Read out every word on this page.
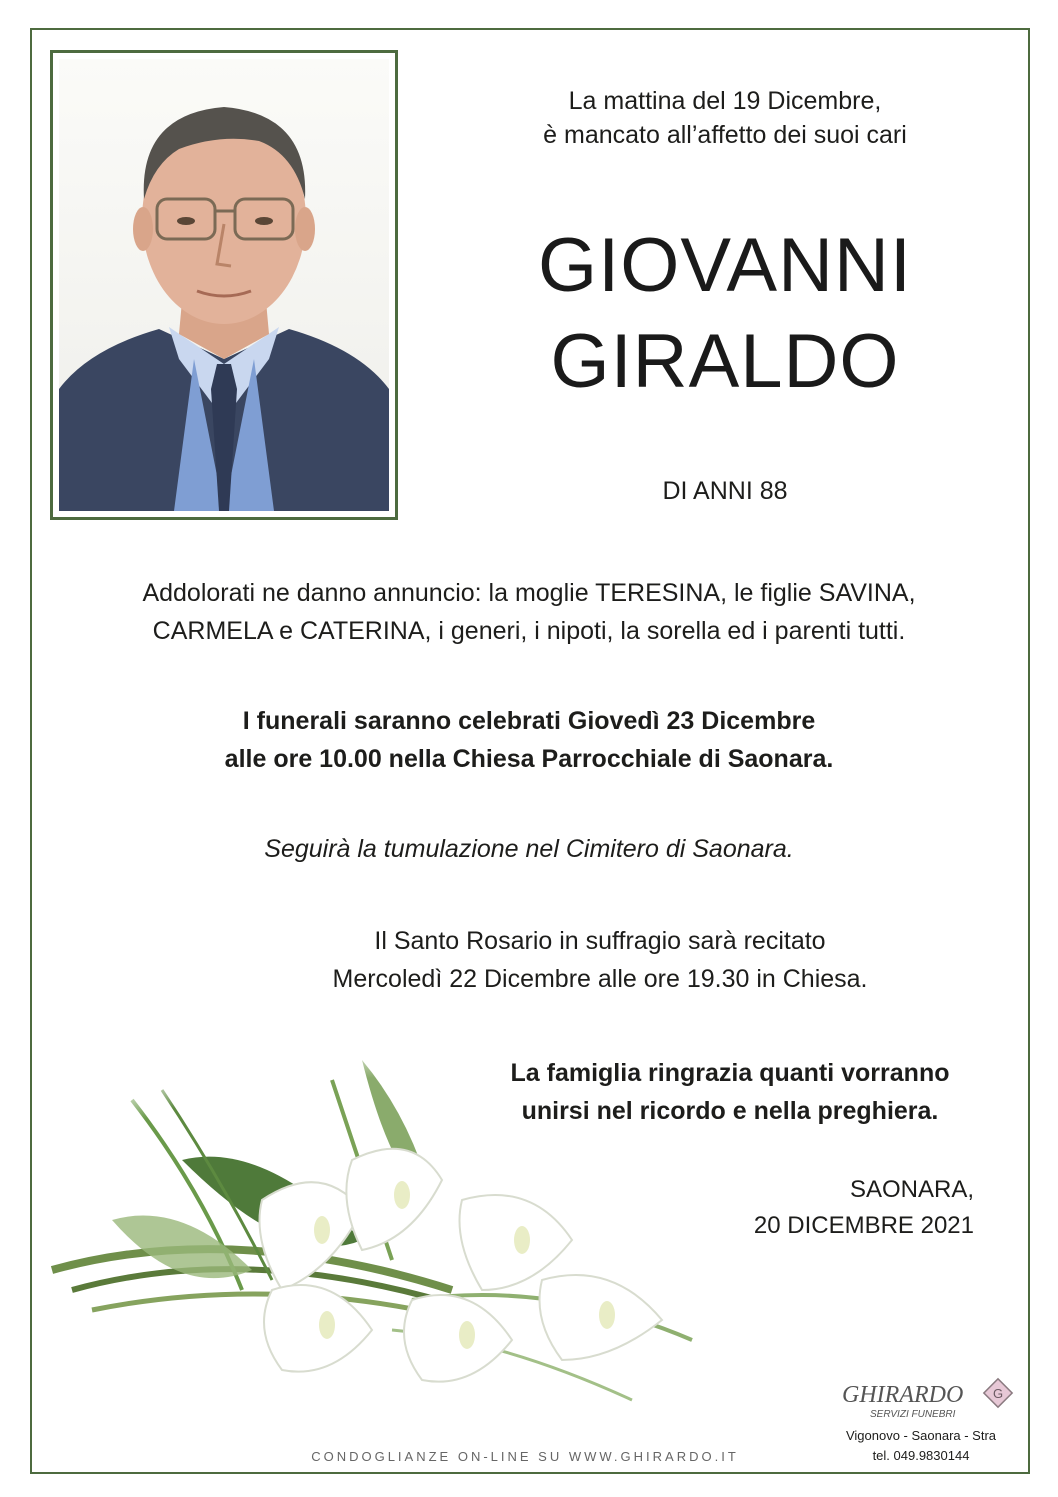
La mattina del 19 Dicembre,
è mancato all’affetto dei suoi cari
GIOVANNI
GIRALDO
DI ANNI 88
Addolorati ne danno annuncio: la moglie TERESINA, le figlie SAVINA,
CARMELA e CATERINA, i generi, i nipoti, la sorella ed i parenti tutti.
I funerali saranno celebrati Giovedì 23 Dicembre
alle ore 10.00 nella Chiesa Parrocchiale di Saonara.
Seguirà la tumulazione nel Cimitero di Saonara.
Il Santo Rosario in suffragio sarà recitato
Mercoledì 22 Dicembre alle ore 19.30 in Chiesa.
La famiglia ringrazia quanti vorranno
unirsi nel ricordo e nella preghiera.
SAONARA,
20 DICEMBRE 2021
GHIRARDO
SERVIZI FUNEBRI
G
Vigonovo - Saonara - Stra
tel. 049.9830144
CONDOGLIANZE ON-LINE SU WWW.GHIRARDO.IT
